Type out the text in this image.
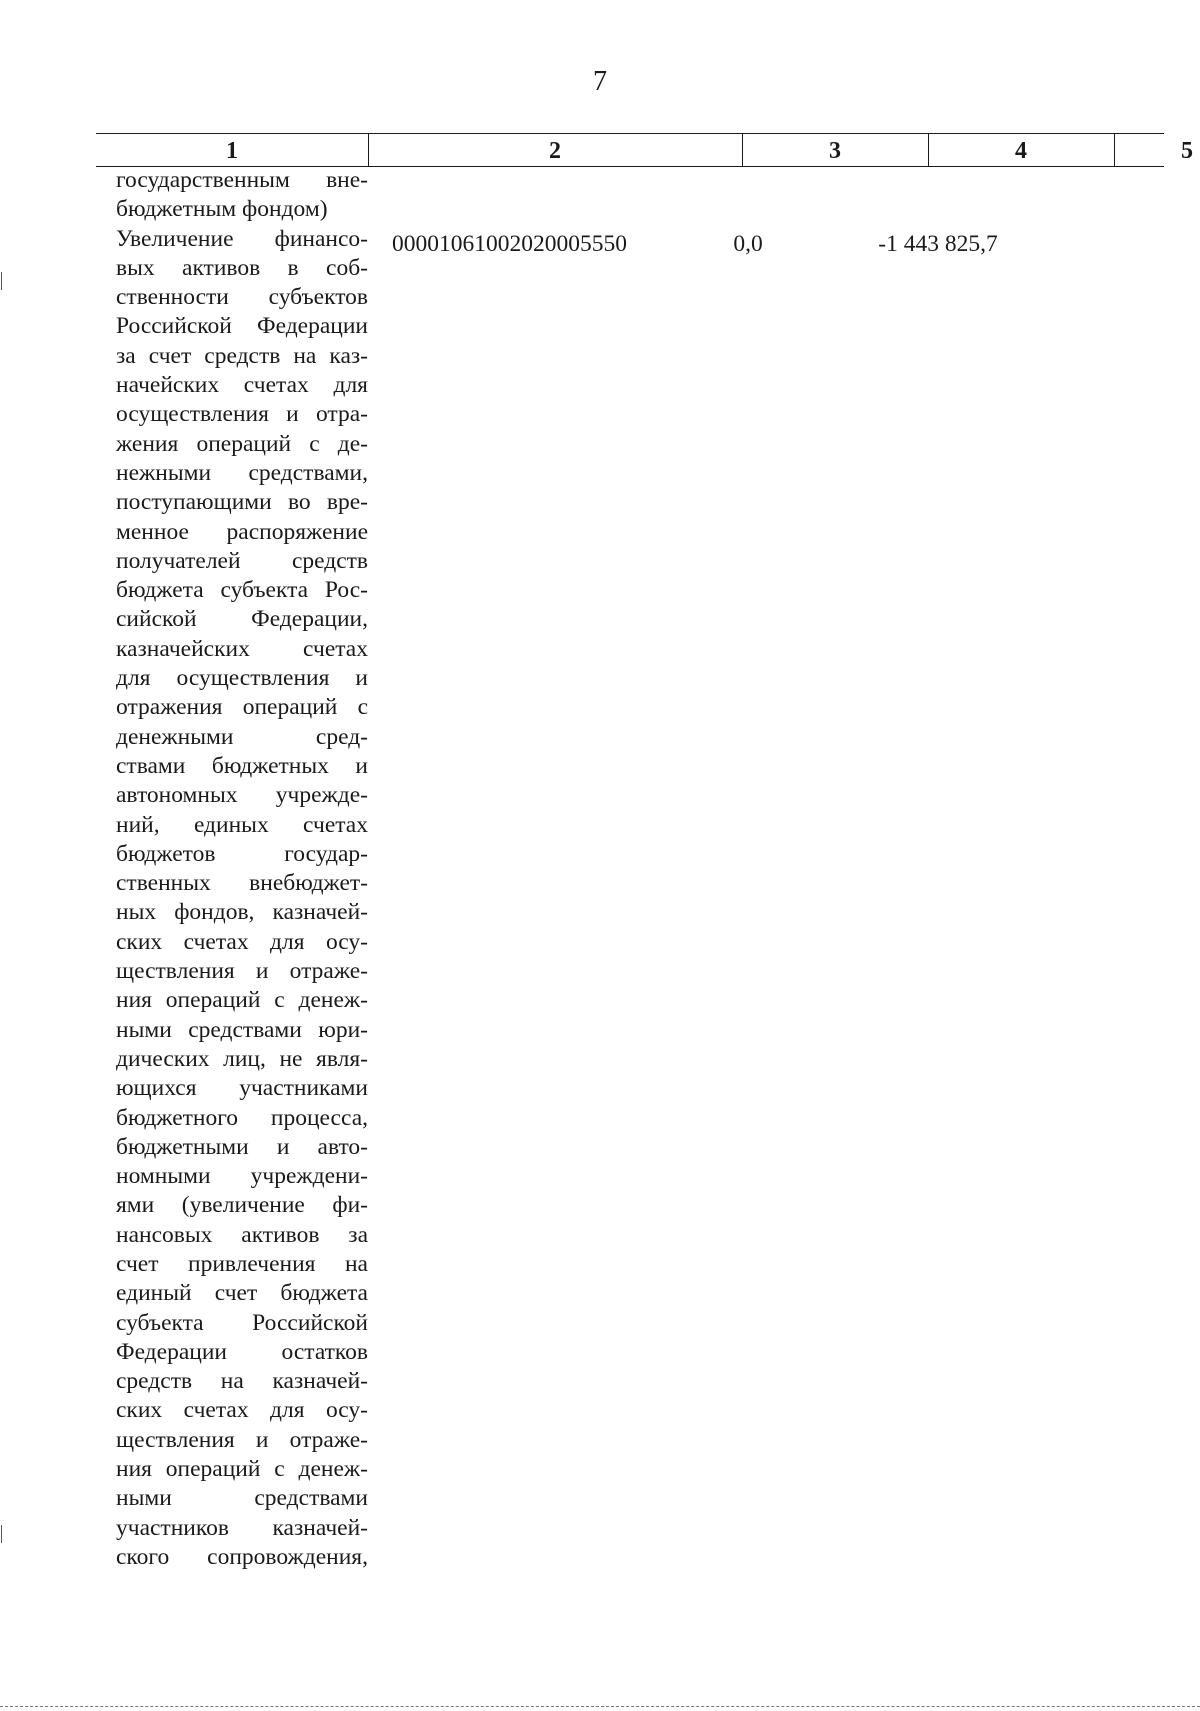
7
1	2	3	4	5
государственным вне-
бюджетным фондом)
Увеличение финансо-
вых активов в соб-
ственности субъектов
Российской Федерации
за счет средств на каз-
начейских счетах для
осуществления и отра-
жения операций с де-
нежными средствами,
поступающими во вре-
менное распоряжение
получателей средств
бюджета субъекта Рос-
сийской Федерации,
казначейских счетах
для осуществления и
отражения операций с
денежными сред-
ствами бюджетных и
автономных учрежде-
ний, единых счетах
бюджетов государ-
ственных внебюджет-
ных фондов, казначей-
ских счетах для осу-
ществления и отраже-
ния операций с денеж-
ными средствами юри-
дических лиц, не явля-
ющихся участниками
бюджетного процесса,
бюджетными и авто-
номными учреждени-
ями (увеличение фи-
нансовых активов за
счет привлечения на
единый счет бюджета
субъекта Российской
Федерации остатков
средств на казначей-
ских счетах для осу-
ществления и отраже-
ния операций с денеж-
ными средствами
участников казначей-
ского сопровождения,
00001061002020005550	0,0	-1 443 825,7
